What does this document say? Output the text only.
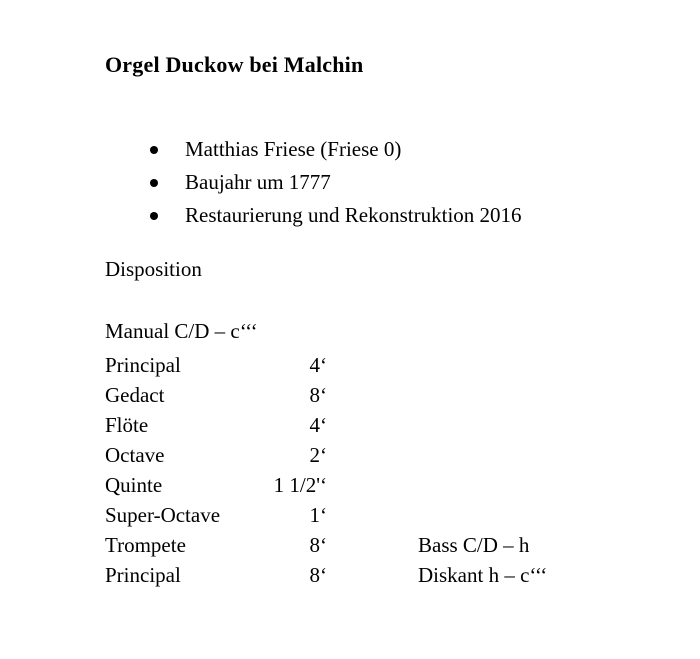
Orgel Duckow bei Malchin
Matthias Friese (Friese 0)
Baujahr um 1777
Restaurierung und Rekonstruktion 2016
Disposition
Manual C/D – c‘‘‘
Principal	4‘
Gedact	8‘
Flöte	4‘
Octave	2‘
Quinte	1 1/2'‘
Super-Octave	1‘
Trompete	8‘	Bass C/D – h
Principal	8‘	Diskant h – c‘‘‘
